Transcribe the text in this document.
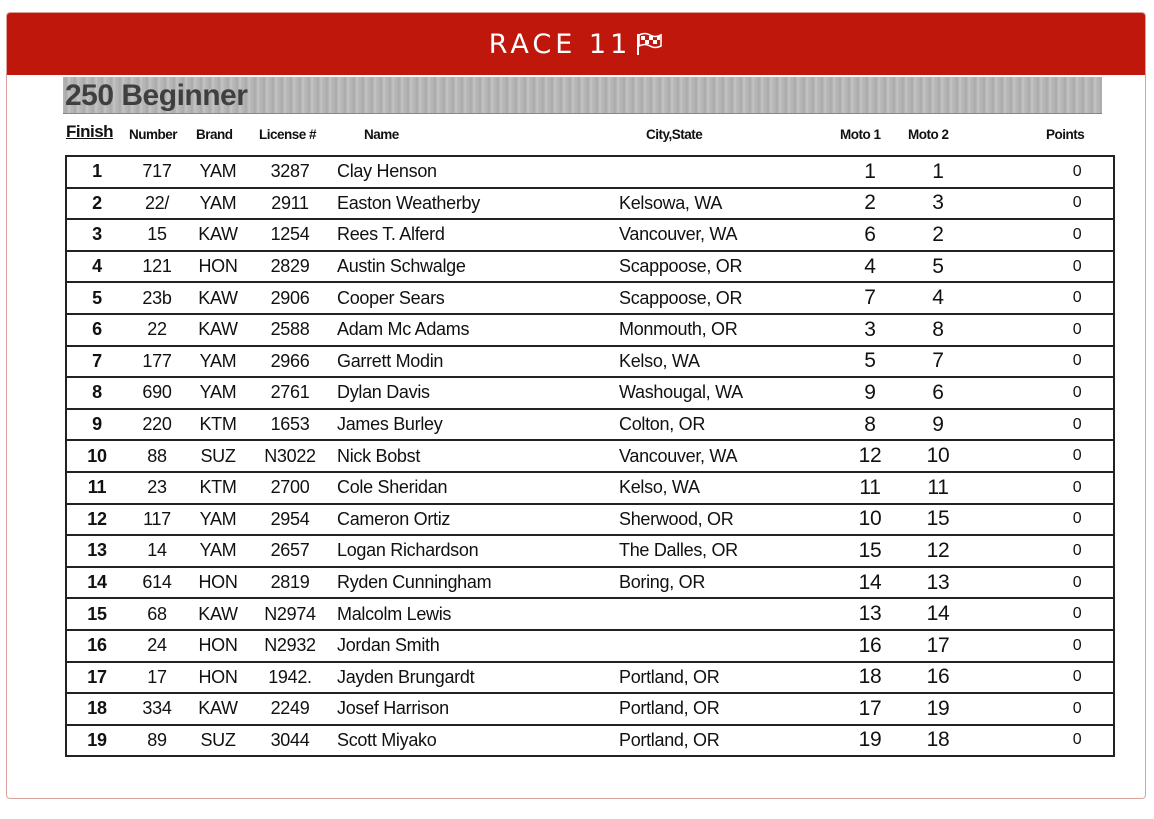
RACE 11
250 Beginner
Finish Number Brand License #	Name	City,State	Moto 1 Moto 2	Points
1	717	YAM	3287	Clay Henson		1	1		0
2	22/	YAM	2911	Easton Weatherby	Kelsowa, WA	2	3		0
3	15	KAW	1254	Rees T. Alferd	Vancouver, WA	6	2		0
4	121	HON	2829	Austin Schwalge	Scappoose, OR	4	5		0
5	23b	KAW	2906	Cooper Sears	Scappoose, OR	7	4		0
6	22	KAW	2588	Adam Mc Adams	Monmouth, OR	3	8		0
7	177	YAM	2966	Garrett Modin	Kelso, WA	5	7		0
8	690	YAM	2761	Dylan Davis	Washougal, WA	9	6		0
9	220	KTM	1653	James Burley	Colton, OR	8	9		0
10	88	SUZ	N3022	Nick Bobst	Vancouver, WA	12	10		0
11	23	KTM	2700	Cole Sheridan	Kelso, WA	11	11		0
12	117	YAM	2954	Cameron Ortiz	Sherwood, OR	10	15		0
13	14	YAM	2657	Logan Richardson	The Dalles, OR	15	12		0
14	614	HON	2819	Ryden Cunningham	Boring, OR	14	13		0
15	68	KAW	N2974	Malcolm Lewis		13	14		0
16	24	HON	N2932	Jordan Smith		16	17		0
17	17	HON	1942.	Jayden Brungardt	Portland, OR	18	16		0
18	334	KAW	2249	Josef Harrison	Portland, OR	17	19		0
19	89	SUZ	3044	Scott Miyako	Portland, OR	19	18		0
